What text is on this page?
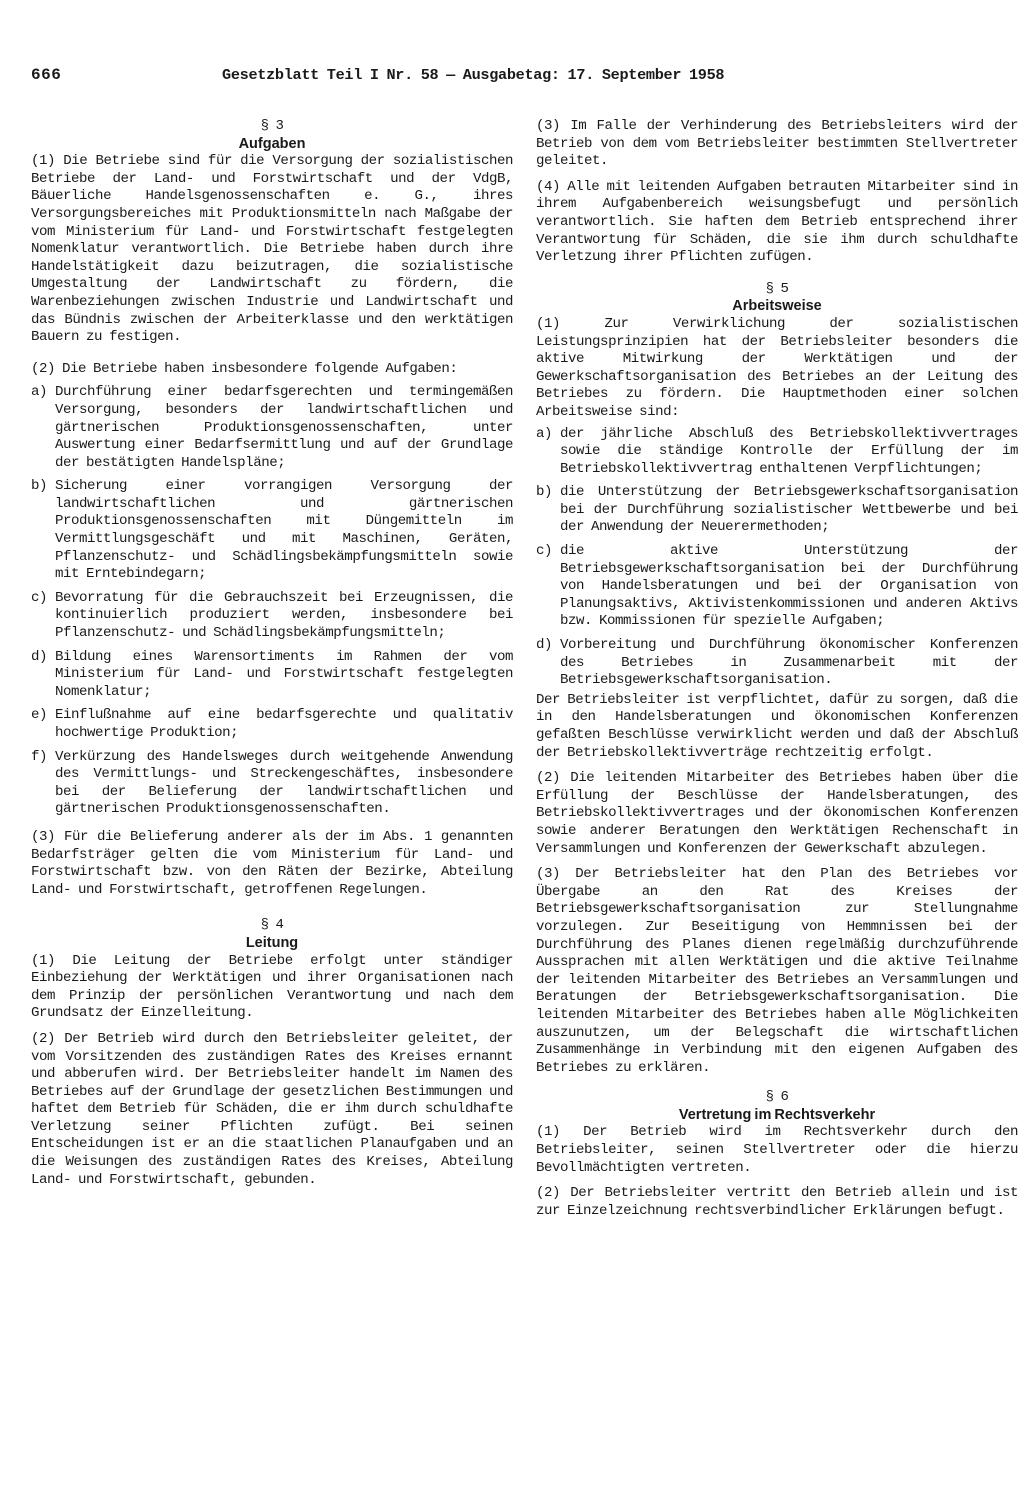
666	Gesetzblatt Teil I Nr. 58 — Ausgabetag: 17. September 1958
§ 3
Aufgaben

(1) Die Betriebe sind für die Versorgung der sozialistischen Betriebe der Land- und Forstwirtschaft und der VdgB, Bäuerliche Handelsgenossenschaften e. G., ihres Versorgungsbereiches mit Produktionsmitteln nach Maßgabe der vom Ministerium für Land- und Forstwirtschaft festgelegten Nomenklatur verantwortlich. Die Betriebe haben durch ihre Handelstätigkeit dazu beizutragen, die sozialistische Umgestaltung der Landwirtschaft zu fördern, die Warenbeziehungen zwischen Industrie und Landwirtschaft und das Bündnis zwischen der Arbeiterklasse und den werktätigen Bauern zu festigen.

(2) Die Betriebe haben insbesondere folgende Aufgaben:

a) Durchführung einer bedarfsgerechten und termingemäßen Versorgung, besonders der landwirtschaftlichen und gärtnerischen Produktionsgenossenschaften, unter Auswertung einer Bedarfsermittlung und auf der Grundlage der bestätigten Handelspläne;
b) Sicherung einer vorrangigen Versorgung der landwirtschaftlichen und gärtnerischen Produktionsgenossenschaften mit Düngemitteln im Vermittlungsgeschäft und mit Maschinen, Geräten, Pflanzenschutz- und Schädlingsbekämpfungsmitteln sowie mit Erntebindegarn;
c) Bevorratung für die Gebrauchszeit bei Erzeugnissen, die kontinuierlich produziert werden, insbesondere bei Pflanzenschutz- und Schädlingsbekämpfungsmitteln;
d) Bildung eines Warensortiments im Rahmen der vom Ministerium für Land- und Forstwirtschaft festgelegten Nomenklatur;
e) Einflußnahme auf eine bedarfsgerechte und qualitativ hochwertige Produktion;
f) Verkürzung des Handelsweges durch weitgehende Anwendung des Vermittlungs- und Streckengeschäftes, insbesondere bei der Belieferung der landwirtschaftlichen und gärtnerischen Produktionsgenossenschaften.

(3) Für die Belieferung anderer als der im Abs. 1 genannten Bedarfsträger gelten die vom Ministerium für Land- und Forstwirtschaft bzw. von den Räten der Bezirke, Abteilung Land- und Forstwirtschaft, getroffenen Regelungen.

§ 4
Leitung

(1) Die Leitung der Betriebe erfolgt unter ständiger Einbeziehung der Werktätigen und ihrer Organisationen nach dem Prinzip der persönlichen Verantwortung und nach dem Grundsatz der Einzelleitung.

(2) Der Betrieb wird durch den Betriebsleiter geleitet, der vom Vorsitzenden des zuständigen Rates des Kreises ernannt und abberufen wird. Der Betriebsleiter handelt im Namen des Betriebes auf der Grundlage der gesetzlichen Bestimmungen und haftet dem Betrieb für Schäden, die er ihm durch schuldhafte Verletzung seiner Pflichten zufügt. Bei seinen Entscheidungen ist er an die staatlichen Planaufgaben und an die Weisungen des zuständigen Rates des Kreises, Abteilung Land- und Forstwirtschaft, gebunden.

(3) Im Falle der Verhinderung des Betriebsleiters wird der Betrieb von dem vom Betriebsleiter bestimmten Stellvertreter geleitet.

(4) Alle mit leitenden Aufgaben betrauten Mitarbeiter sind in ihrem Aufgabenbereich weisungsbefugt und persönlich verantwortlich. Sie haften dem Betrieb entsprechend ihrer Verantwortung für Schäden, die sie ihm durch schuldhafte Verletzung ihrer Pflichten zufügen.

§ 5
Arbeitsweise

(1) Zur Verwirklichung der sozialistischen Leistungsprinzipien hat der Betriebsleiter besonders die aktive Mitwirkung der Werktätigen und der Gewerkschaftsorganisation des Betriebes an der Leitung des Betriebes zu fördern. Die Hauptmethoden einer solchen Arbeitsweise sind:

a) der jährliche Abschluß des Betriebskollektivvertrages sowie die ständige Kontrolle der Erfüllung der im Betriebskollektivvertrag enthaltenen Verpflichtungen;
b) die Unterstützung der Betriebsgewerkschaftsorganisation bei der Durchführung sozialistischer Wettbewerbe und bei der Anwendung der Neuerermethoden;
c) die aktive Unterstützung der Betriebsgewerkschaftsorganisation bei der Durchführung von Handelsberatungen und bei der Organisation von Planungsaktivs, Aktivistenkommissionen und anderen Aktivs bzw. Kommissionen für spezielle Aufgaben;
d) Vorbereitung und Durchführung ökonomischer Konferenzen des Betriebes in Zusammenarbeit mit der Betriebsgewerkschaftsorganisation.

Der Betriebsleiter ist verpflichtet, dafür zu sorgen, daß die in den Handelsberatungen und ökonomischen Konferenzen gefaßten Beschlüsse verwirklicht werden und daß der Abschluß der Betriebskollektivverträge rechtzeitig erfolgt.

(2) Die leitenden Mitarbeiter des Betriebes haben über die Erfüllung der Beschlüsse der Handelsberatungen, des Betriebskollektivvertrages und der ökonomischen Konferenzen sowie anderer Beratungen den Werktätigen Rechenschaft in Versammlungen und Konferenzen der Gewerkschaft abzulegen.

(3) Der Betriebsleiter hat den Plan des Betriebes vor Übergabe an den Rat des Kreises der Betriebsgewerkschaftsorganisation zur Stellungnahme vorzulegen. Zur Beseitigung von Hemmnissen bei der Durchführung des Planes dienen regelmäßig durchzuführende Aussprachen mit allen Werktätigen und die aktive Teilnahme der leitenden Mitarbeiter des Betriebes an Versammlungen und Beratungen der Betriebsgewerkschaftsorganisation. Die leitenden Mitarbeiter des Betriebes haben alle Möglichkeiten auszunutzen, um der Belegschaft die wirtschaftlichen Zusammenhänge in Verbindung mit den eigenen Aufgaben des Betriebes zu erklären.

§ 6
Vertretung im Rechtsverkehr

(1) Der Betrieb wird im Rechtsverkehr durch den Betriebsleiter, seinen Stellvertreter oder die hierzu Bevollmächtigten vertreten.

(2) Der Betriebsleiter vertritt den Betrieb allein und ist zur Einzelzeichnung rechtsverbindlicher Erklärungen befugt.
